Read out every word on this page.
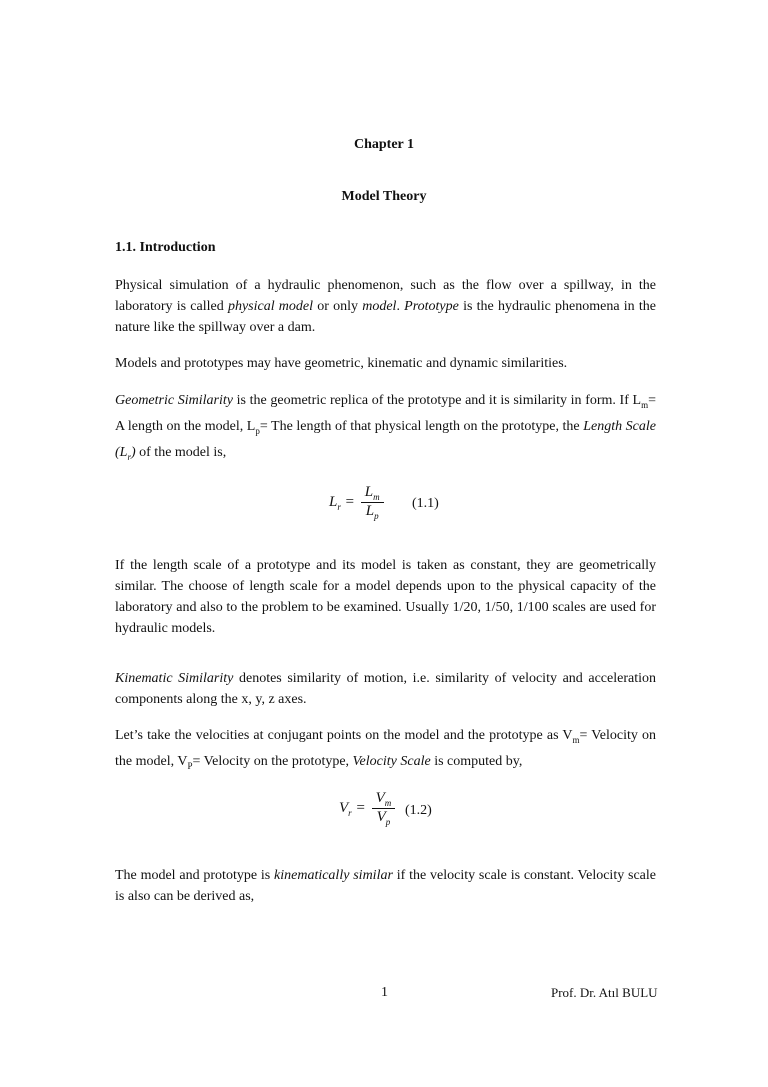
Chapter 1
Model Theory
1.1. Introduction
Physical simulation of a hydraulic phenomenon, such as the flow over a spillway, in the laboratory is called physical model or only model. Prototype is the hydraulic phenomena in the nature like the spillway over a dam.
Models and prototypes may have geometric, kinematic and dynamic similarities.
Geometric Similarity is the geometric replica of the prototype and it is similarity in form. If $L_m= A$ length on the model, $L_p=$ The length of that physical length on the prototype, the Length Scale $(L_r)$ of the model is,
$L_r = \frac{L_m}{L_p} (1.1)$
If the length scale of a prototype and its model is taken as constant, they are geometrically similar. The choose of length scale for a model depends upon to the physical capacity of the laboratory and also to the problem to be examined. Usually 1/20, 1/50, 1/100 scales are used for hydraulic models.
Kinematic Similarity denotes similarity of motion, i.e. similarity of velocity and acceleration components along the x, y, z axes.
Let’s take the velocities at conjugant points on the model and the prototype as $V_m=$ Velocity on the model, $V_P=$ Velocity on the prototype, Velocity Scale is computed by,
$V_r = \frac{V_m}{V_p} (1.2)$
The model and prototype is kinematically similar if the velocity scale is constant. Velocity scale is also can be derived as,
1	Prof. Dr. Atıl BULU
